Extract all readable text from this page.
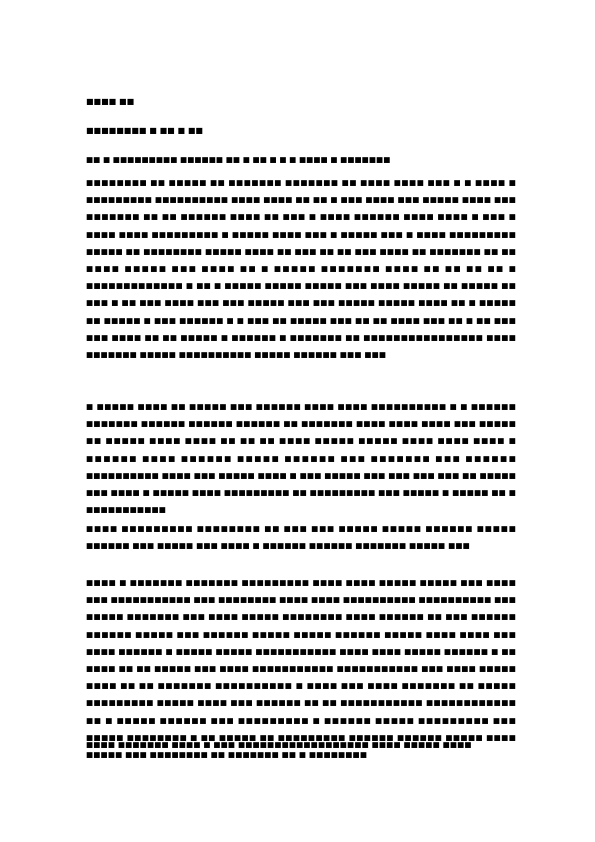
■■■■ ■■
■■■■■■■■ ■ ■■ ■ ■■
■■ ■ ■■■■■■■■■ ■■■■■■ ■■ ■ ■■ ■ ■ ■ ■■■■ ■ ■■■■■■■

■■■■■■■■ ■■ ■■■■■ ■■ ■■■■■■■ ■■■■■■■ ■■ ■■■■ ■■■■ ■■■ ■ ■ ■■■■ ■ ■■■■■■■■■ ■■■■■■■■■■ ■■■■ ■■■■ ■■ ■■ ■ ■■■ ■■■■ ■■■ ■■■■■ ■■■■ ■■■ ■■■■■■■ ■■ ■■ ■■■■■■ ■■■■ ■■ ■■■ ■ ■■■■ ■■■■■■ ■■■■ ■■■■ ■ ■■■ ■ ■■■■ ■■■■ ■■■■■■■■■ ■ ■■■■■ ■■■■ ■■■ ■ ■■■■■ ■■■ ■ ■■■■ ■■■■■■■■■ ■■■■■ ■■ ■■■■■■■■ ■■■■■ ■■■■ ■■ ■■■ ■■ ■■ ■■■ ■■■■ ■■ ■■■■■■■ ■■ ■■ ■■■■ ■■■■■ ■■■ ■■■■ ■■ ■ ■■■■■ ■■■■■■■ ■■■■ ■■ ■■ ■■ ■■ ■ ■■■■■■■■■■■■■ ■ ■■ ■ ■■■■■ ■■■■■ ■■■■■ ■■■ ■■■■ ■■■■■ ■■ ■■■■■ ■■ ■■■ ■ ■■ ■■■ ■■■■ ■■■ ■■■ ■■■■■ ■■■ ■■■ ■■■■■ ■■■■■ ■■■■ ■■ ■ ■■■■■ ■■ ■■■■■ ■ ■■■ ■■■■■■ ■ ■ ■■■ ■■ ■■■■■ ■■■ ■■ ■■ ■■■■ ■■■ ■■ ■ ■■ ■■■ ■■■ ■■■■ ■■ ■■ ■■■■■ ■ ■■■■■■ ■ ■■■■■■■ ■■ ■■■■■■■■■■■■■■■■ ■■■■ ■■■■■■■ ■■■■■ ■■■■■■■■■■ ■■■■■ ■■■■■■ ■■■ ■■■

■ ■■■■■ ■■■■ ■■ ■■■■■ ■■■ ■■■■■■ ■■■■ ■■■■ ■■■■■■■■■■ ■ ■ ■■■■■■ ■■■■■■■ ■■■■■■ ■■■■■■ ■■■■■■ ■■ ■■■■■■■ ■■■■ ■■■■ ■■■■ ■■■ ■■■■■ ■■ ■■■■■ ■■■■ ■■■■ ■■ ■■ ■■ ■■■■ ■■■■■ ■■■■■ ■■■■ ■■■■ ■■■■ ■ ■■■■■■ ■■■■ ■■■■■■ ■■■■■ ■■■■■■ ■■■ ■■■■■■■ ■■■ ■■■■■■ ■■■■■■■■■■ ■■■■ ■■■ ■■■■■ ■■■■ ■ ■■■ ■■■■■ ■■■ ■■■ ■■■ ■■■ ■■ ■■■■■ ■■■ ■■■■ ■ ■■■■■ ■■■■ ■■■■■■■■■ ■■ ■■■■■■■■■ ■■■ ■■■■■ ■ ■■■■■ ■■ ■ ■■■■■■■■■■■

■■■■ ■■■■■■■■■ ■■■■■■■■ ■■ ■■■ ■■■ ■■■■■ ■■■■■ ■■■■■■ ■■■■■ ■■■■■■ ■■■ ■■■■■ ■■■ ■■■■ ■ ■■■■■■ ■■■■■■ ■■■■■■■ ■■■■■ ■■■

■■■■ ■ ■■■■■■■ ■■■■■■■ ■■■■■■■■■ ■■■■ ■■■■ ■■■■■ ■■■■■ ■■■ ■■■■ ■■■ ■■■■■■■■■■■ ■■■ ■■■■■■■■ ■■■■ ■■■■ ■■■■■■■■■■ ■■■■■■■■■■ ■■■ ■■■■■ ■■■■■■■ ■■■ ■■■■ ■■■■■ ■■■■■■■■ ■■■■ ■■■■■■ ■■ ■■■ ■■■■■■ ■■■■■■ ■■■■■ ■■■ ■■■■■■ ■■■■■ ■■■■■ ■■■■■■ ■■■■■ ■■■■ ■■■■ ■■■ ■■■■ ■■■■■■ ■ ■■■■■ ■■■■■ ■■■■■■■■■■■ ■■■■ ■■■■ ■■■■■ ■■■■■■ ■ ■■ ■■■■ ■■ ■■ ■■■■■ ■■■ ■■■■ ■■■■■■■■■■■ ■■■■■■■■■■■ ■■■ ■■■■ ■■■■■ ■■■■ ■■ ■■ ■■■■■■■ ■■■■■■■■■■ ■ ■■■■ ■■■ ■■■■ ■■■■■■■ ■■ ■■■■■ ■■■■■■■■■ ■■■■■ ■■■■ ■■■ ■■■■■■ ■■ ■■ ■■■■■■■■■■■ ■■■■■■■■■■■■ ■■ ■ ■■■■■ ■■■■■■ ■■■ ■■■■■■■■■ ■ ■■■■■■ ■■■■■ ■■■■■■■■■ ■■■ ■■■■■ ■■■■■■■■ ■ ■■ ■■■■■ ■■ ■■■■■■■■■ ■■■■■■ ■■■■■■ ■■■■■ ■■■■ ■■■■■ ■■■ ■■■■■■■■ ■■ ■■■■■■■ ■■ ■ ■■■■■■■■

■■■■ ■■■■■■■ ■■■■ ■ ■■■ ■■■■■■■■■■■■■■■■■■ ■■■■ ■■■■■ ■■■■
